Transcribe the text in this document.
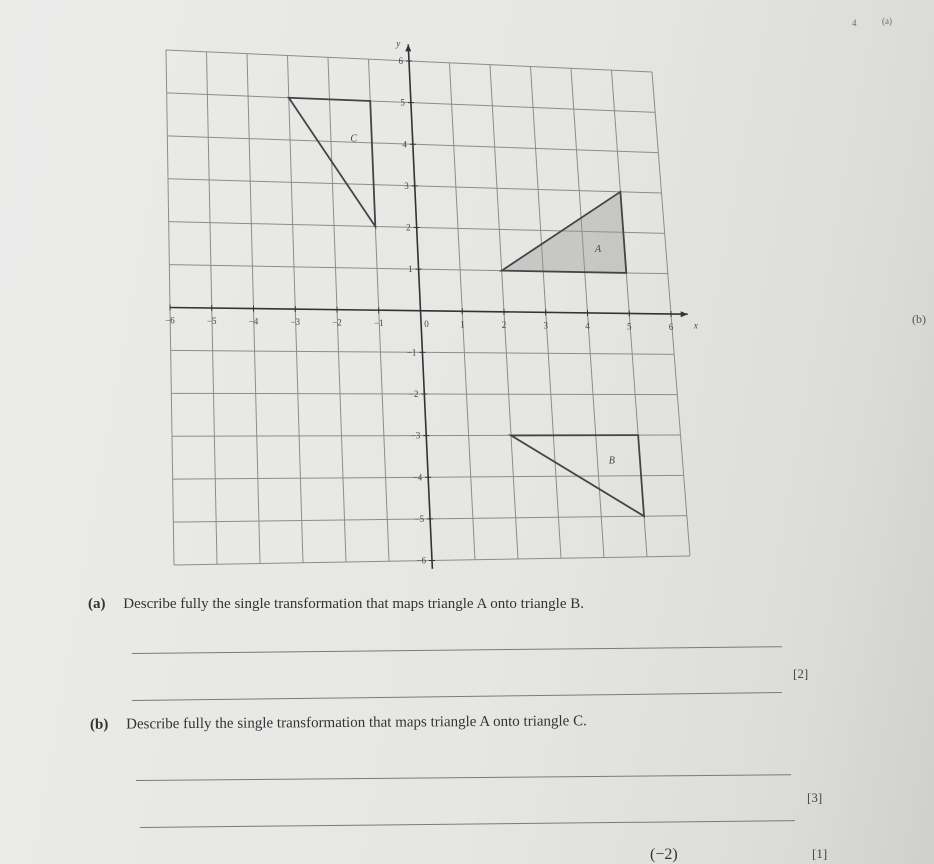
4	(a)
x
y
−6	−5	−4	−3	−2	−1	0	1	2	3	4	5	6
6
5
4
3
2
1
−1
−2
−3
−4
−5
−6
A
B
C
(b)
(a) Describe fully the single transformation that maps triangle A onto triangle B.
[2]
(b) Describe fully the single transformation that maps triangle A onto triangle C.
[3]
(−2)	[1]
